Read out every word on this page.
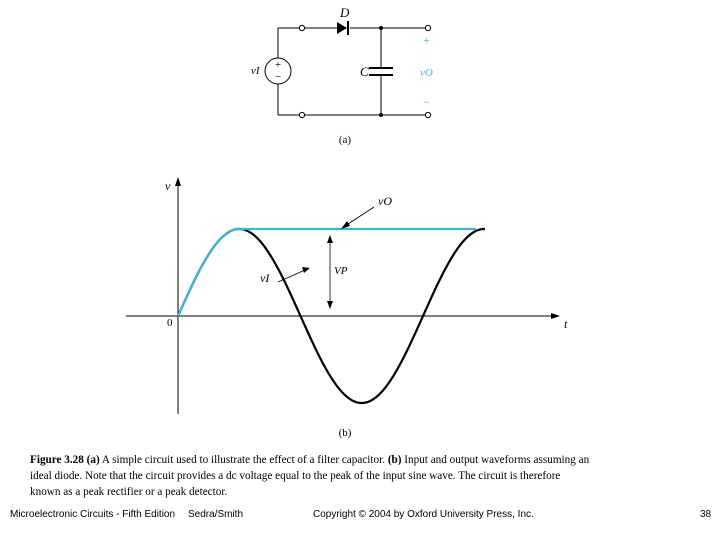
+
−
D
C
vI
+
vO
−
(a)
v
t
0
VP
vO
vI
(b)
Figure 3.28 (a) A simple circuit used to illustrate the effect of a filter capacitor. (b) Input and output waveforms assuming an ideal diode. Note that the circuit provides a dc voltage equal to the peak of the input sine wave. The circuit is therefore known as a peak rectifier or a peak detector.
Microelectronic Circuits - Fifth Edition Sedra/Smith	Copyright © 2004 by Oxford University Press, Inc.	38
